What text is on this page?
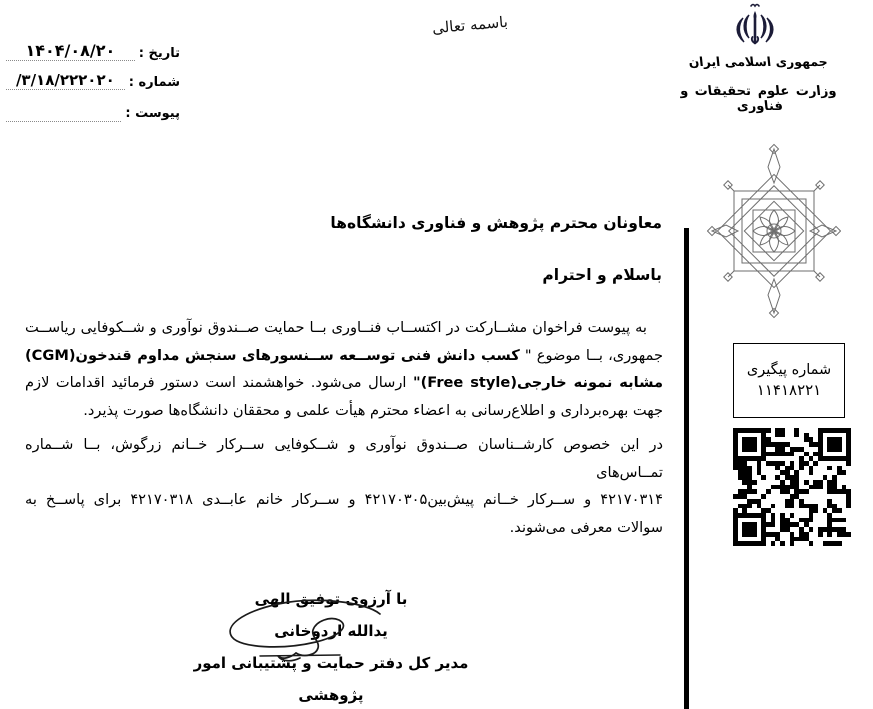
تاریخ :
۱۴۰۴/۰۸/۲۰
شماره :
/۳/۱۸/۲۲۲۰۲۰
پیوست :
باسمه تعالی
جمهوری اسلامی ایران
وزارت علوم تحقیقات و فناوری
شماره پیگیری
۱۱۴۱۸۲۲۱
معاونان محترم پژوهش و فناوری دانشگاه‌ها
باسلام و احترام
به پیوست فراخوان مشــارکت در اکتســاب فنــاوری بــا حمایت صــندوق نوآوری و شــکوفایی ریاســت
جمهوری، بــا موضوع " کسب دانش فنی توســعه ســنسورهای سنجش مداوم قندخون(CGM)
مشابه نمونه خارجی(Free style)" ارسال می‌شود. خواهشمند است دستور فرمائید اقدامات لازم
جهت بهره‌برداری و اطلاع‌رسانی به اعضاء محترم هیأت علمی و محققان دانشگاه‌ها صورت پذیرد.
در این خصوص کارشــناسان صــندوق نوآوری و شــکوفایی ســرکار خــانم زرگوش، بــا شــماره تمــاس‌های
۴۲۱۷۰۳۱۴ و ســرکار خــانم پیش‌بین۴۲۱۷۰۳۰۵ و ســرکار خانم عابــدی ۴۲۱۷۰۳۱۸ برای پاســخ به
سوالات معرفی می‌شوند.
با آرزوی توفیق الهی
یدالله اردوخانی
مدیر کل دفتر حمایت و پشتیبانی امور پژوهشی
